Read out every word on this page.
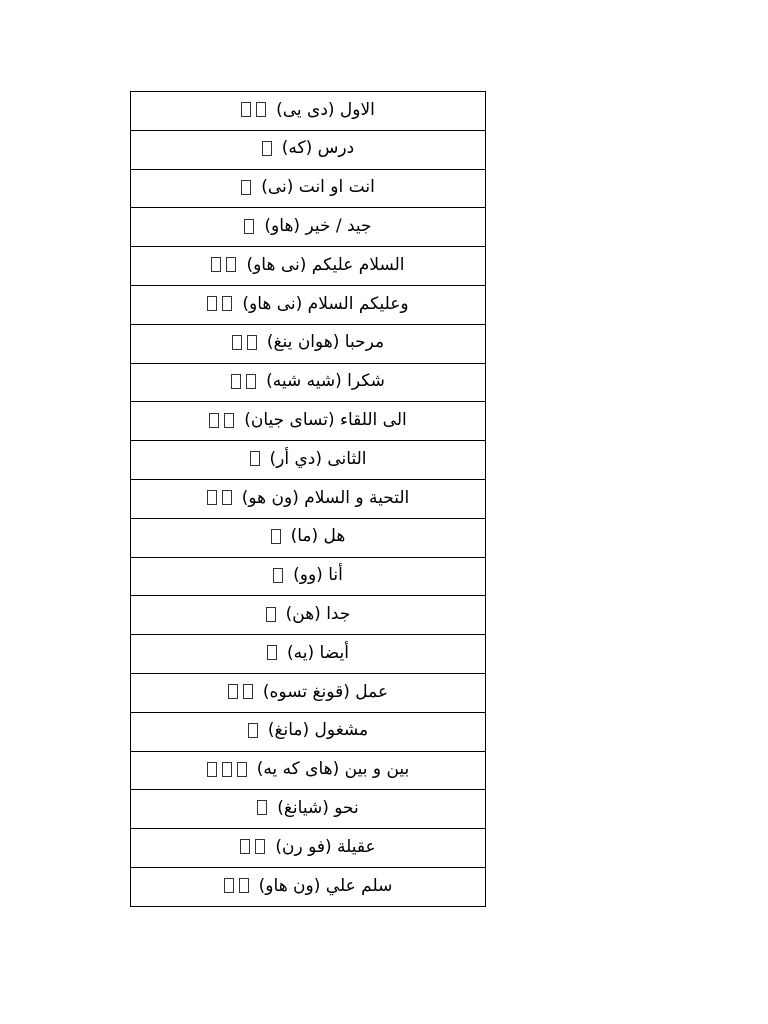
الاول (دى يى)

درس (كه)

انت او انت (نى)

جيد / خير (هاو)

السلام عليكم (نى هاو)

وعليكم السلام (نى هاو)

مرحبا (هوان ينغ)

شكرا (شيه شيه)

الى اللقاء (تساى جيان)

الثانى (دي أر)

التحية و السلام (ون هو)

هل (ما)

أنا (وو)

جدا (هن)

أيضا (يه)

عمل (قونغ تسوه)

مشغول (مانغ)

بين و بين (هاى كه يه)

نحو (شيانغ)

عقيلة (فو رن)

سلم علي (ون هاو)
